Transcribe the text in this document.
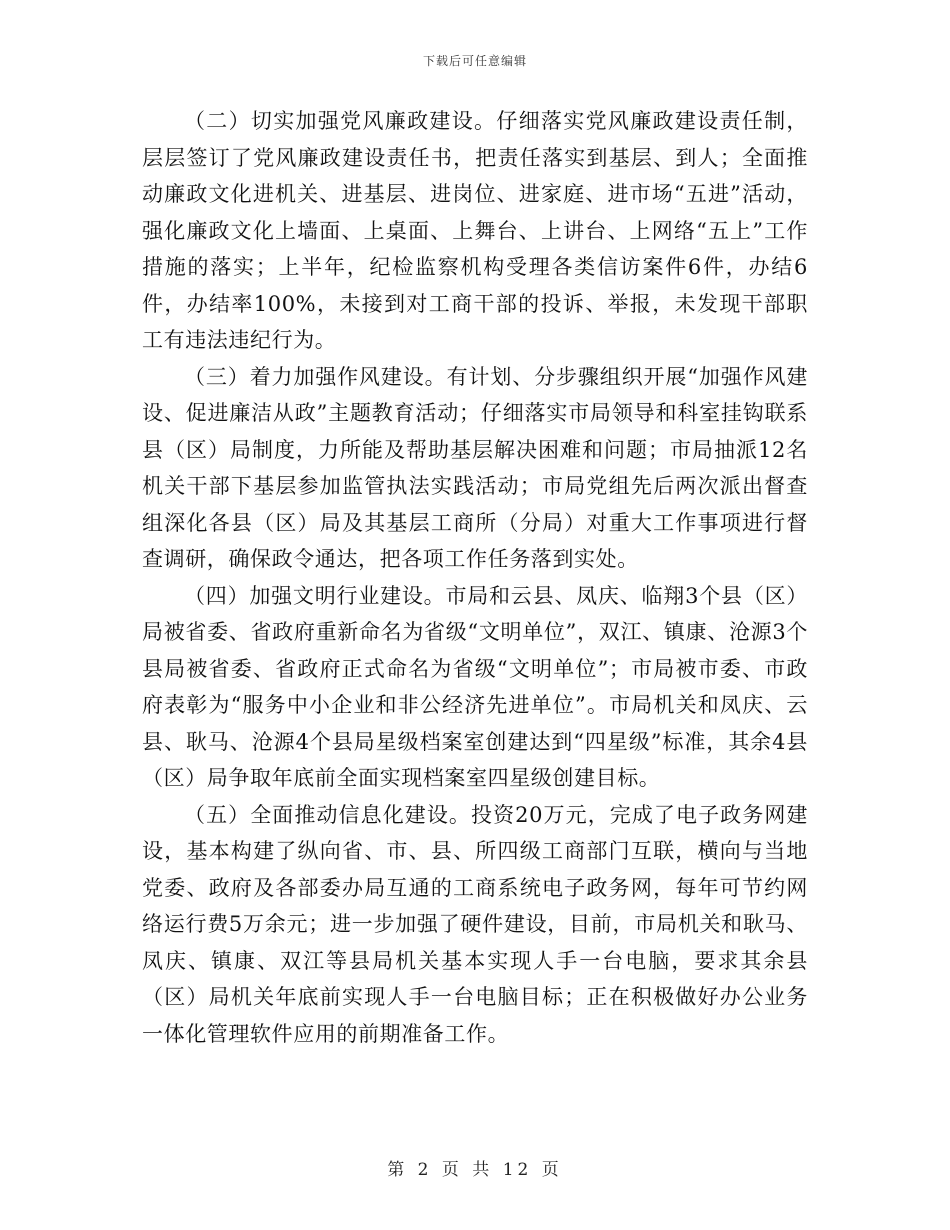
下载后可任意编辑

（二）切实加强党风廉政建设。仔细落实党风廉政建设责任制，层层签订了党风廉政建设责任书，把责任落实到基层、到人；全面推动廉政文化进机关、进基层、进岗位、进家庭、进市场“五进”活动，强化廉政文化上墙面、上桌面、上舞台、上讲台、上网络“五上”工作措施的落实；上半年，纪检监察机构受理各类信访案件6件，办结6件，办结率100%，未接到对工商干部的投诉、举报，未发现干部职工有违法违纪行为。

（三）着力加强作风建设。有计划、分步骤组织开展“加强作风建设、促进廉洁从政”主题教育活动；仔细落实市局领导和科室挂钩联系县（区）局制度，力所能及帮助基层解决困难和问题；市局抽派12名机关干部下基层参加监管执法实践活动；市局党组先后两次派出督查组深化各县（区）局及其基层工商所（分局）对重大工作事项进行督查调研，确保政令通达，把各项工作任务落到实处。

（四）加强文明行业建设。市局和云县、凤庆、临翔3个县（区）局被省委、省政府重新命名为省级“文明单位”，双江、镇康、沧源3个县局被省委、省政府正式命名为省级“文明单位”；市局被市委、市政府表彰为“服务中小企业和非公经济先进单位”。市局机关和凤庆、云县、耿马、沧源4个县局星级档案室创建达到“四星级”标准，其余4县（区）局争取年底前全面实现档案室四星级创建目标。

（五）全面推动信息化建设。投资20万元，完成了电子政务网建设，基本构建了纵向省、市、县、所四级工商部门互联，横向与当地党委、政府及各部委办局互通的工商系统电子政务网，每年可节约网络运行费5万余元；进一步加强了硬件建设，目前，市局机关和耿马、凤庆、镇康、双江等县局机关基本实现人手一台电脑，要求其余县（区）局机关年底前实现人手一台电脑目标；正在积极做好办公业务一体化管理软件应用的前期准备工作。

第 2 页 共 12 页
